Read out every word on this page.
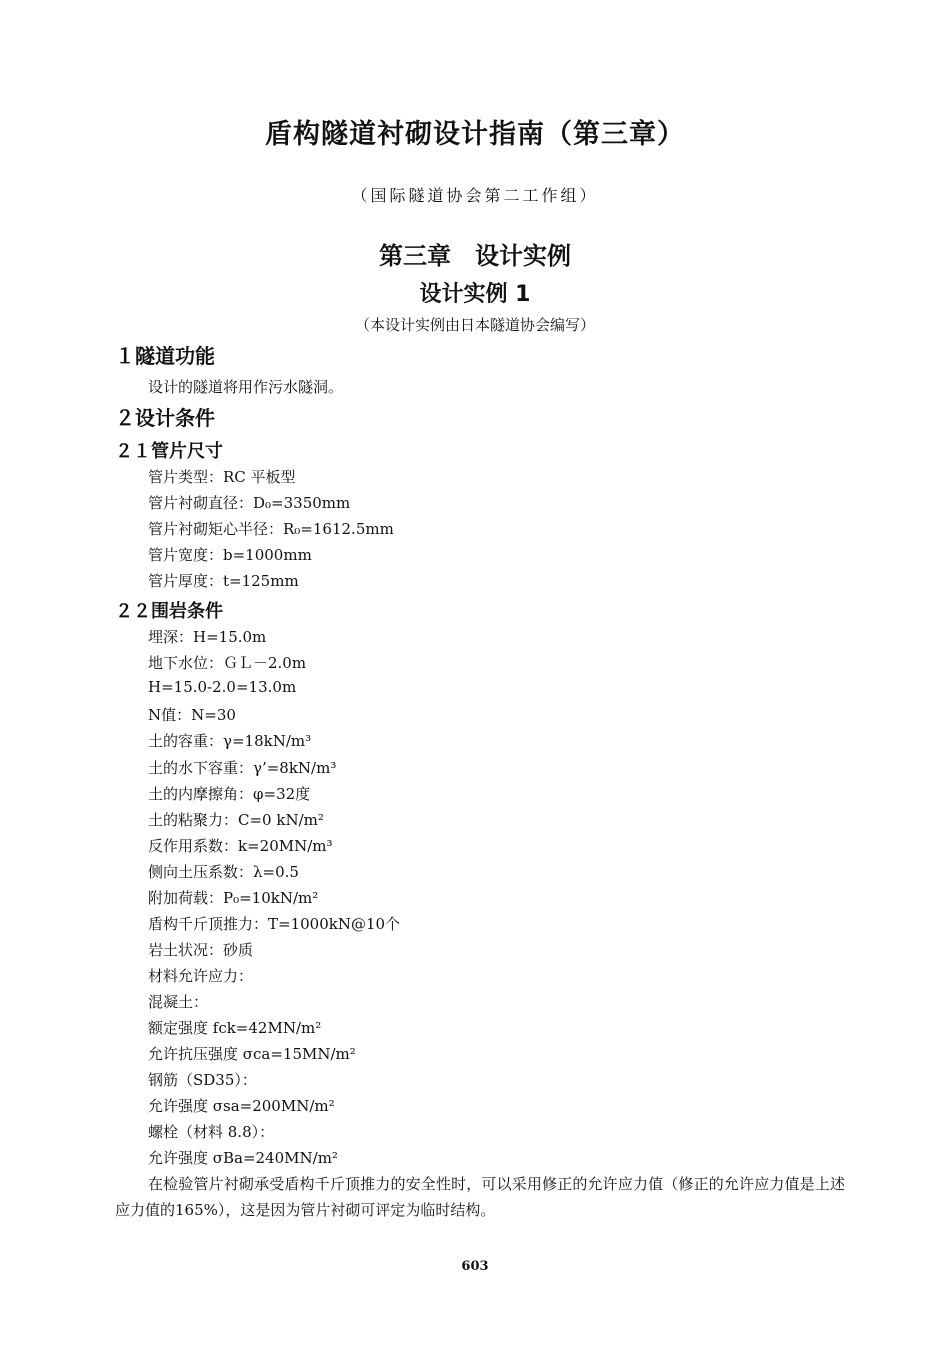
盾构隧道衬砌设计指南（第三章）
（国际隧道协会第二工作组）
第三章　设计实例
设计实例 1
（本设计实例由日本隧道协会编写）
１隧道功能
设计的隧道将用作污水隧洞。
２设计条件
２１管片尺寸
管片类型：RC 平板型
管片衬砌直径：D₀=3350mm
管片衬砌矩心半径：R₀=1612.5mm
管片宽度：b=1000mm
管片厚度：t=125mm
２２围岩条件
埋深：H=15.0m
地下水位：ＧＬ－2.0m
H=15.0-2.0=13.0m
N值：N=30
土的容重：γ=18kN/m³
土的水下容重：γ’=8kN/m³
土的内摩擦角：φ=32度
土的粘聚力：C=0 kN/m²
反作用系数：k=20MN/m³
侧向土压系数：λ=0.5
附加荷载：P₀=10kN/m²
盾构千斤顶推力：T=1000kN@10个
岩土状况：砂质
材料允许应力：
混凝土：
额定强度 fck=42MN/m²
允许抗压强度 σca=15MN/m²
钢筋（SD35）：
允许强度 σsa=200MN/m²
螺栓（材料 8.8）：
允许强度 σBa=240MN/m²
在检验管片衬砌承受盾构千斤顶推力的安全性时，可以采用修正的允许应力值（修正的允许应力值是上述应力值的165%），这是因为管片衬砌可评定为临时结构。
603
